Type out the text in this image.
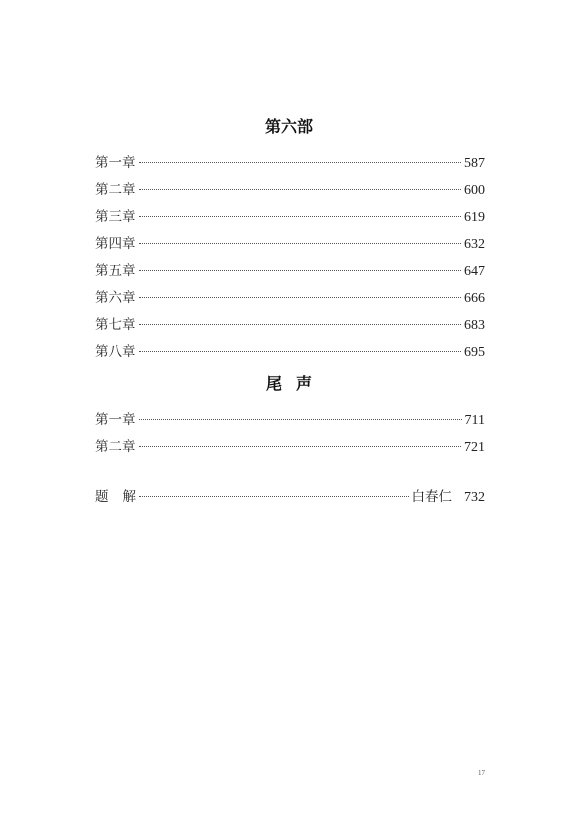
第六部
第一章	587
第二章	600
第三章	619
第四章	632
第五章	647
第六章	666
第七章	683
第八章	695
尾声
第一章	711
第二章	721
题解	白春仁 732
17
